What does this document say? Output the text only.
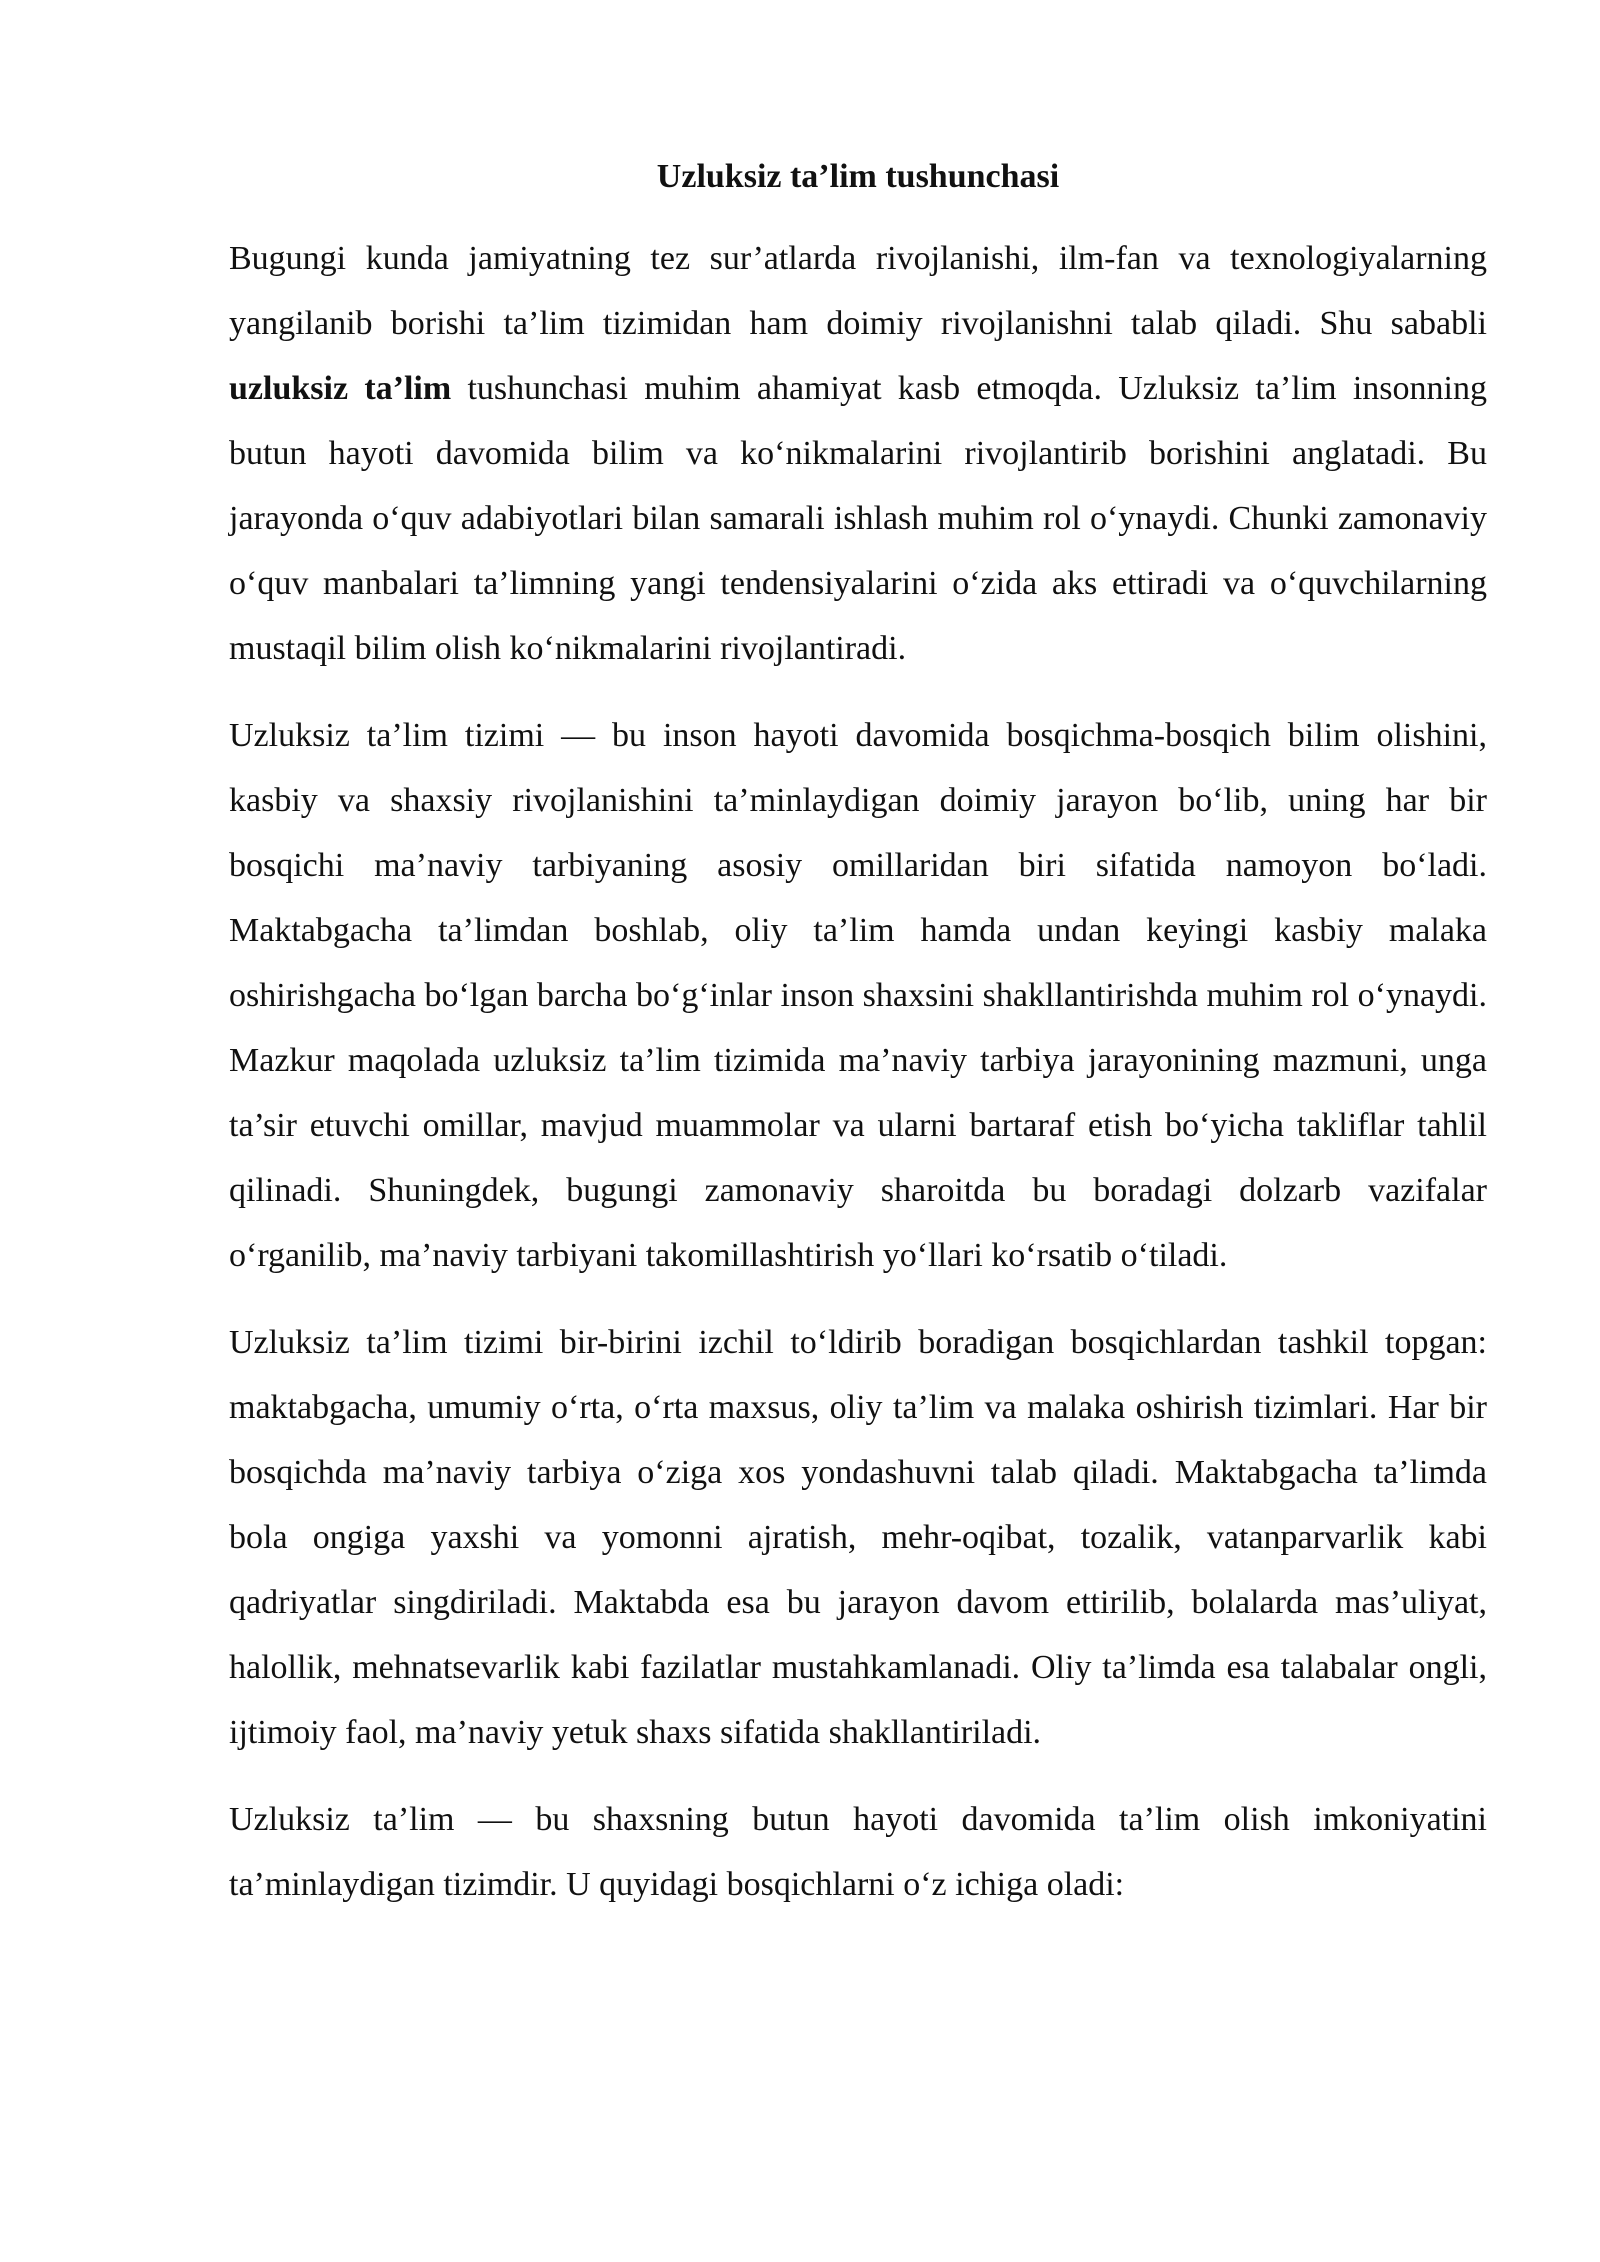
Uzluksiz ta’lim tushunchasi

Bugungi kunda jamiyatning tez sur’atlarda rivojlanishi, ilm-fan va texnologiyalarning yangilanib borishi ta’lim tizimidan ham doimiy rivojlanishni talab qiladi. Shu sababli uzluksiz ta’lim tushunchasi muhim ahamiyat kasb etmoqda. Uzluksiz ta’lim insonning butun hayoti davomida bilim va ko‘nikmalarini rivojlantirib borishini anglatadi. Bu jarayonda o‘quv adabiyotlari bilan samarali ishlash muhim rol o‘ynaydi. Chunki zamonaviy o‘quv manbalari ta’limning yangi tendensiyalarini o‘zida aks ettiradi va o‘quvchilarning mustaqil bilim olish ko‘nikmalarini rivojlantiradi.

Uzluksiz ta’lim tizimi — bu inson hayoti davomida bosqichma-bosqich bilim olishini, kasbiy va shaxsiy rivojlanishini ta’minlaydigan doimiy jarayon bo‘lib, uning har bir bosqichi ma’naviy tarbiyaning asosiy omillaridan biri sifatida namoyon bo‘ladi. Maktabgacha ta’limdan boshlab, oliy ta’lim hamda undan keyingi kasbiy malaka oshirishgacha bo‘lgan barcha bo‘g‘inlar inson shaxsini shakllantirishda muhim rol o‘ynaydi. Mazkur maqolada uzluksiz ta’lim tizimida ma’naviy tarbiya jarayonining mazmuni, unga ta’sir etuvchi omillar, mavjud muammolar va ularni bartaraf etish bo‘yicha takliflar tahlil qilinadi. Shuningdek, bugungi zamonaviy sharoitda bu boradagi dolzarb vazifalar o‘rganilib, ma’naviy tarbiyani takomillashtirish yo‘llari ko‘rsatib o‘tiladi.

Uzluksiz ta’lim tizimi bir-birini izchil to‘ldirib boradigan bosqichlardan tashkil topgan: maktabgacha, umumiy o‘rta, o‘rta maxsus, oliy ta’lim va malaka oshirish tizimlari. Har bir bosqichda ma’naviy tarbiya o‘ziga xos yondashuvni talab qiladi. Maktabgacha ta’limda bola ongiga yaxshi va yomonni ajratish, mehr-oqibat, tozalik, vatanparvarlik kabi qadriyatlar singdiriladi. Maktabda esa bu jarayon davom ettirilib, bolalarda mas’uliyat, halollik, mehnatsevarlik kabi fazilatlar mustahkamlanadi. Oliy ta’limda esa talabalar ongli, ijtimoiy faol, ma’naviy yetuk shaxs sifatida shakllantiriladi.

Uzluksiz ta’lim — bu shaxsning butun hayoti davomida ta’lim olish imkoniyatini ta’minlaydigan tizimdir. U quyidagi bosqichlarni o‘z ichiga oladi:
